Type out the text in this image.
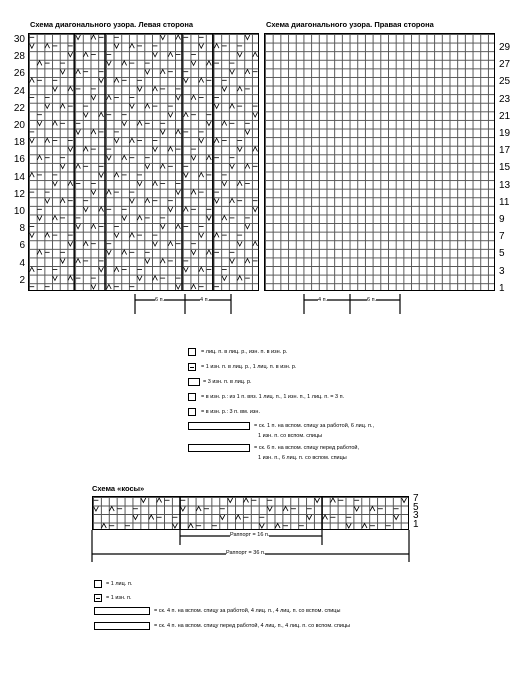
Схема диагонального узора. Левая сторона
30
28
26
24
22
20
18
16
14
12
10
8
6
4
2
Схема диагонального узора. Правая сторона
29
27
25
23
21
19
17
15
13
11
9
7
5
3
1
6 п.	4 п.	4 п.	6 п.
= лиц. п. в лиц. р., изн. п. в изн. р.
= 1 изн. п. в лиц. р., 1 лиц. п. в изн. р.
= 3 изн. п. в лиц. р.
= в изн. р.: из 1 п. вяз. 1 лиц. п., 1 изн. п., 1 лиц. п. = 3 п.
= в изн. р.: 3 п. вм. изн.
= ск. 1 п. на вспом. спицу за работой, 6 лиц. п.,
1 изн. п. со вспом. спицы
= ск. 6 п. на вспом. спицу перед работой,
1 изн. п., 6 лиц. п. со вспом. спицы
Схема «косы»
7
5
3
1
Раппорт = 16 п.
Раппорт = 36 п.
= 1 лиц. п.
= 1 изн. п.
= ск. 4 п. на вспом. спицу за работой, 4 лиц. п., 4 лиц. п. со вспом. спицы
= ск. 4 п. на вспом. спицу перед работой, 4 лиц. п., 4 лиц. п. со вспом. спицы
